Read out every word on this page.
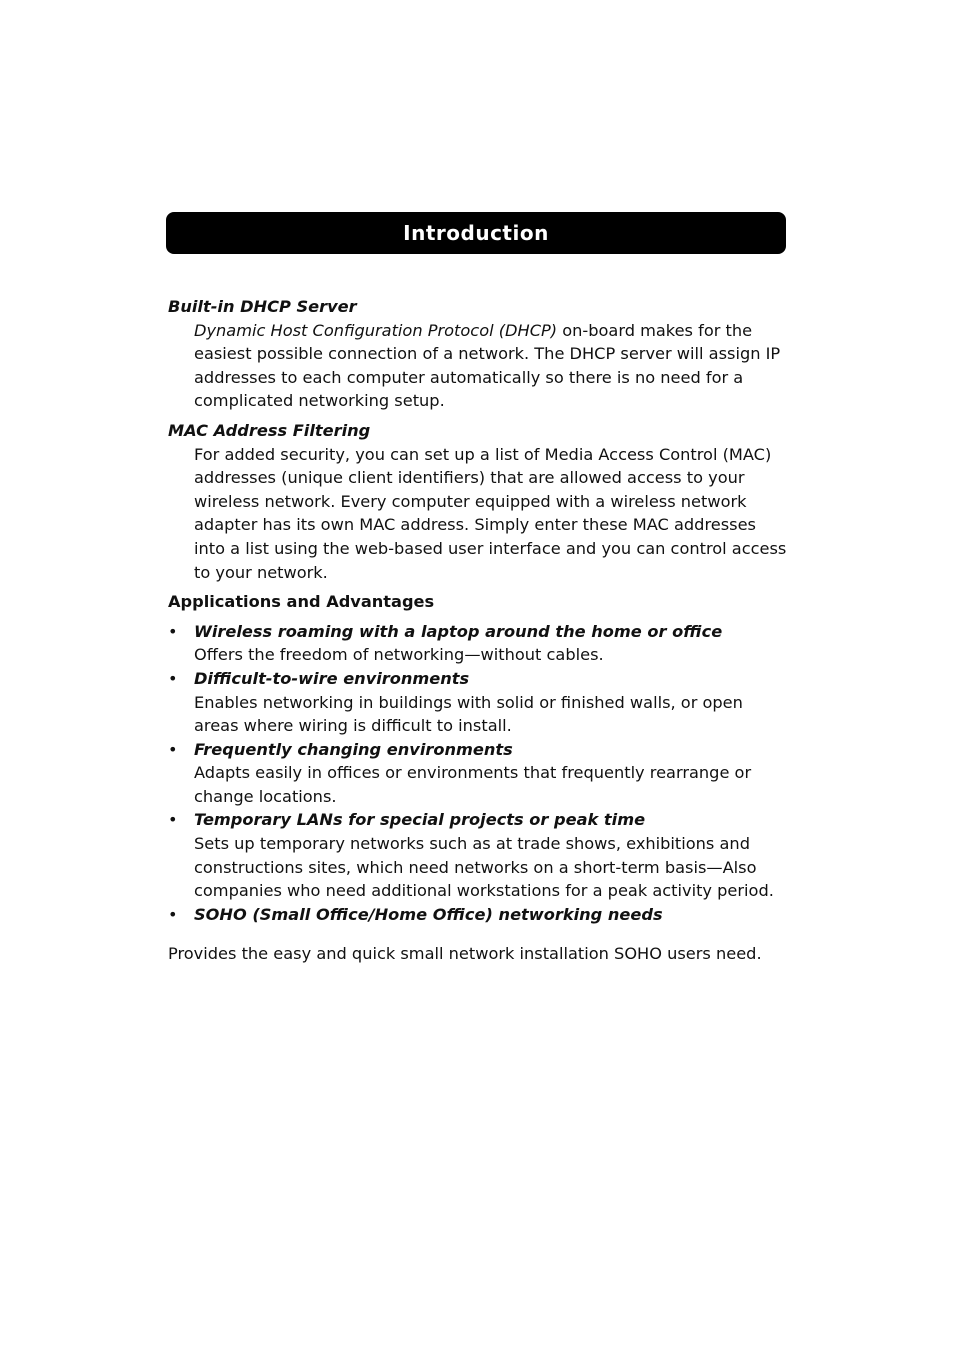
Introduction

Built-in DHCP Server

Dynamic Host Configuration Protocol (DHCP) on-board makes for the easiest possible connection of a network. The DHCP server will assign IP addresses to each computer automatically so there is no need for a complicated networking setup.

MAC Address Filtering

For added security, you can set up a list of Media Access Control (MAC) addresses (unique client identifiers) that are allowed access to your wireless network. Every computer equipped with a wireless network adapter has its own MAC address. Simply enter these MAC addresses into a list using the web-based user interface and you can control access to your network.

Applications and Advantages

• Wireless roaming with a laptop around the home or office
Offers the freedom of networking—without cables.
• Difficult-to-wire environments
Enables networking in buildings with solid or finished walls, or open areas where wiring is difficult to install.
• Frequently changing environments
Adapts easily in offices or environments that frequently rearrange or change locations.
• Temporary LANs for special projects or peak time
Sets up temporary networks such as at trade shows, exhibitions and constructions sites, which need networks on a short-term basis—Also companies who need additional workstations for a peak activity period.
• SOHO (Small Office/Home Office) networking needs

Provides the easy and quick small network installation SOHO users need.
